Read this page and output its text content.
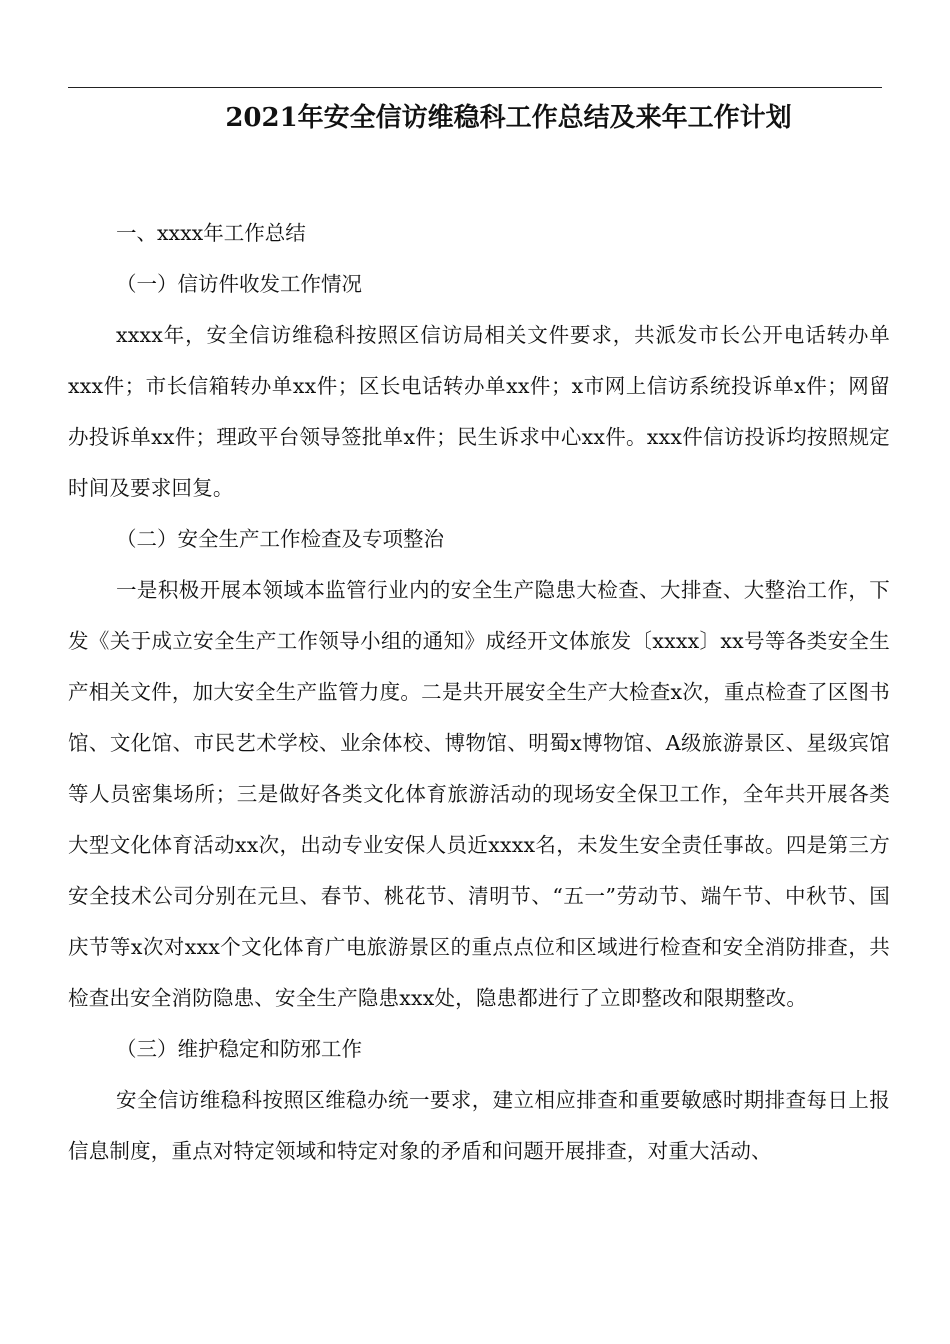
2021年安全信访维稳科工作总结及来年工作计划

一、xxxx年工作总结

（一）信访件收发工作情况

xxxx年，安全信访维稳科按照区信访局相关文件要求，共派发市长公开电话转办单xxx件；市长信箱转办单xx件；区长电话转办单xx件；x市网上信访系统投诉单x件；网留办投诉单xx件；理政平台领导签批单x件；民生诉求中心xx件。xxx件信访投诉均按照规定时间及要求回复。

（二）安全生产工作检查及专项整治

一是积极开展本领域本监管行业内的安全生产隐患大检查、大排查、大整治工作，下发《关于成立安全生产工作领导小组的通知》成经开文体旅发〔xxxx〕xx号等各类安全生产相关文件，加大安全生产监管力度。二是共开展安全生产大检查x次，重点检查了区图书馆、文化馆、市民艺术学校、业余体校、博物馆、明蜀x博物馆、A级旅游景区、星级宾馆等人员密集场所；三是做好各类文化体育旅游活动的现场安全保卫工作，全年共开展各类大型文化体育活动xx次，出动专业安保人员近xxxx名，未发生安全责任事故。四是第三方安全技术公司分别在元旦、春节、桃花节、清明节、“五一”劳动节、端午节、中秋节、国庆节等x次对xxx个文化体育广电旅游景区的重点点位和区域进行检查和安全消防排查，共检查出安全消防隐患、安全生产隐患xxx处，隐患都进行了立即整改和限期整改。

（三）维护稳定和防邪工作

安全信访维稳科按照区维稳办统一要求，建立相应排查和重要敏感时期排查每日上报信息制度，重点对特定领域和特定对象的矛盾和问题开展排查，对重大活动、
